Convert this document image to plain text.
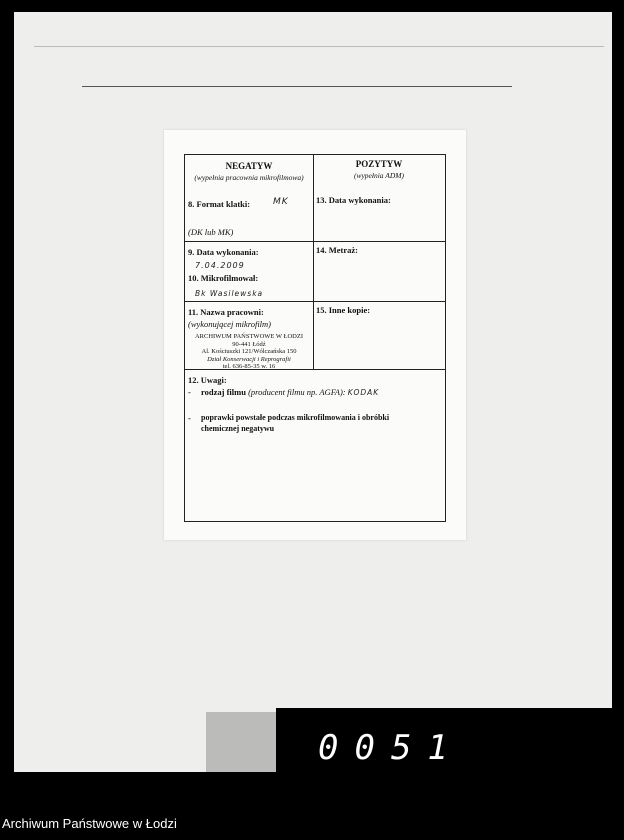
NEGATYW
(wypełnia pracownia mikrofilmowa)
8. Format klatki:	MK
(DK lub MK)
POZYTYW
(wypełnia ADM)
13. Data wykonania:
9. Data wykonania:
7.04.2009
10. Mikrofilmował:
Bk Wasilewska
14. Metraż:
11. Nazwa pracowni:
(wykonującej mikrofilm)
ARCHIWUM PAŃSTWOWE W ŁODZI
90-441 Łódź
Al. Kościuszki 121/Wólczańska 150
Dział Konserwacji i Reprografii
tel. 636-85-35 w. 16
15. Inne kopie:
12. Uwagi:
- rodzaj filmu (producent filmu np. AGFA): KODAK
- poprawki powstałe podczas mikrofilmowania i obróbki
chemicznej negatywu
0051
Archiwum Państwowe w Łodzi
